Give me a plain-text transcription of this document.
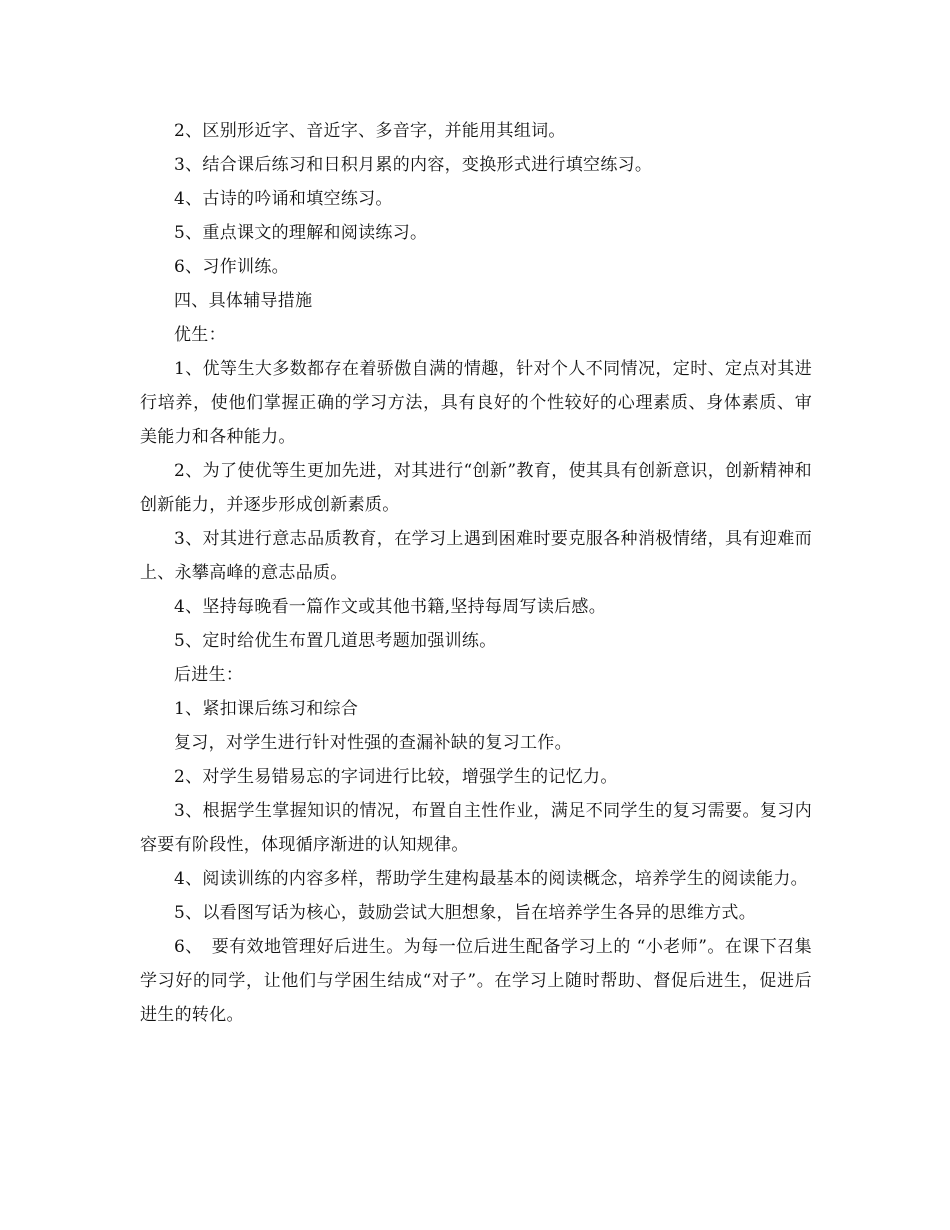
2、区别形近字、音近字、多音字，并能用其组词。

3、结合课后练习和日积月累的内容，变换形式进行填空练习。

4、古诗的吟诵和填空练习。

5、重点课文的理解和阅读练习。

6、习作训练。

四、具体辅导措施

优生：

1、优等生大多数都存在着骄傲自满的情趣，针对个人不同情况，定时、定点对其进行培养，使他们掌握正确的学习方法，具有良好的个性较好的心理素质、身体素质、审美能力和各种能力。

2、为了使优等生更加先进，对其进行“创新”教育，使其具有创新意识，创新精神和创新能力，并逐步形成创新素质。

3、对其进行意志品质教育，在学习上遇到困难时要克服各种消极情绪，具有迎难而上、永攀高峰的意志品质。

4、坚持每晚看一篇作文或其他书籍,坚持每周写读后感。

5、定时给优生布置几道思考题加强训练。

后进生：

1、紧扣课后练习和综合

复习，对学生进行针对性强的查漏补缺的复习工作。

2、对学生易错易忘的字词进行比较，增强学生的记忆力。

3、根据学生掌握知识的情况，布置自主性作业，满足不同学生的复习需要。复习内容要有阶段性，体现循序渐进的认知规律。

4、阅读训练的内容多样，帮助学生建构最基本的阅读概念，培养学生的阅读能力。

5、以看图写话为核心，鼓励尝试大胆想象，旨在培养学生各异的思维方式。

6、　要有效地管理好后进生。为每一位后进生配备学习上的 “小老师”。在课下召集学习好的同学，让他们与学困生结成“对子”。在学习上随时帮助、督促后进生，促进后进生的转化。
